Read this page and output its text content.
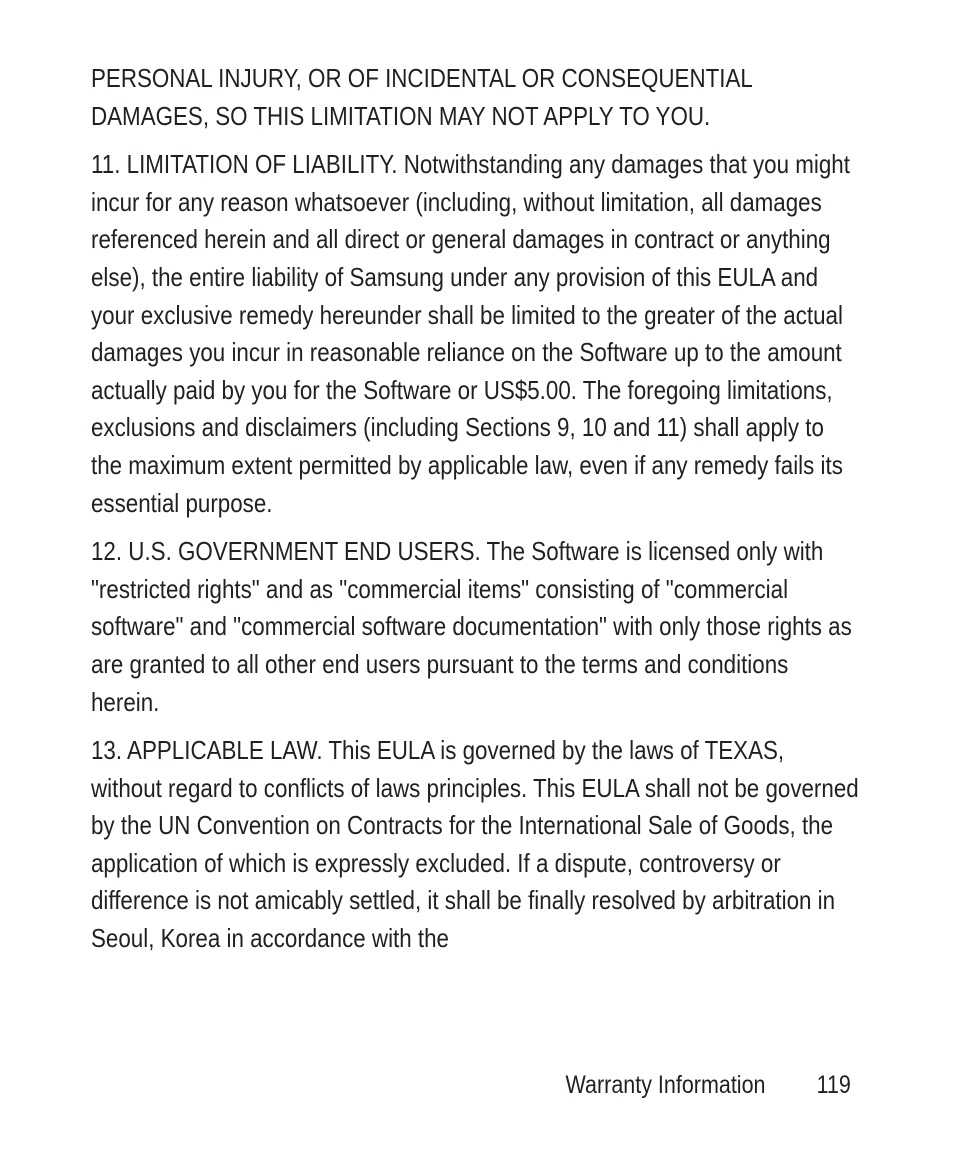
PERSONAL INJURY, OR OF INCIDENTAL OR CONSEQUENTIAL DAMAGES, SO THIS LIMITATION MAY NOT APPLY TO YOU.

11. LIMITATION OF LIABILITY. Notwithstanding any damages that you might incur for any reason whatsoever (including, without limitation, all damages referenced herein and all direct or general damages in contract or anything else), the entire liability of Samsung under any provision of this EULA and your exclusive remedy hereunder shall be limited to the greater of the actual damages you incur in reasonable reliance on the Software up to the amount actually paid by you for the Software or US$5.00. The foregoing limitations, exclusions and disclaimers (including Sections 9, 10 and 11) shall apply to the maximum extent permitted by applicable law, even if any remedy fails its essential purpose.

12. U.S. GOVERNMENT END USERS. The Software is licensed only with "restricted rights" and as "commercial items" consisting of "commercial software" and "commercial software documentation" with only those rights as are granted to all other end users pursuant to the terms and conditions herein.

13. APPLICABLE LAW. This EULA is governed by the laws of TEXAS, without regard to conflicts of laws principles. This EULA shall not be governed by the UN Convention on Contracts for the International Sale of Goods, the application of which is expressly excluded. If a dispute, controversy or difference is not amicably settled, it shall be finally resolved by arbitration in Seoul, Korea in accordance with the

Warranty Information 119
